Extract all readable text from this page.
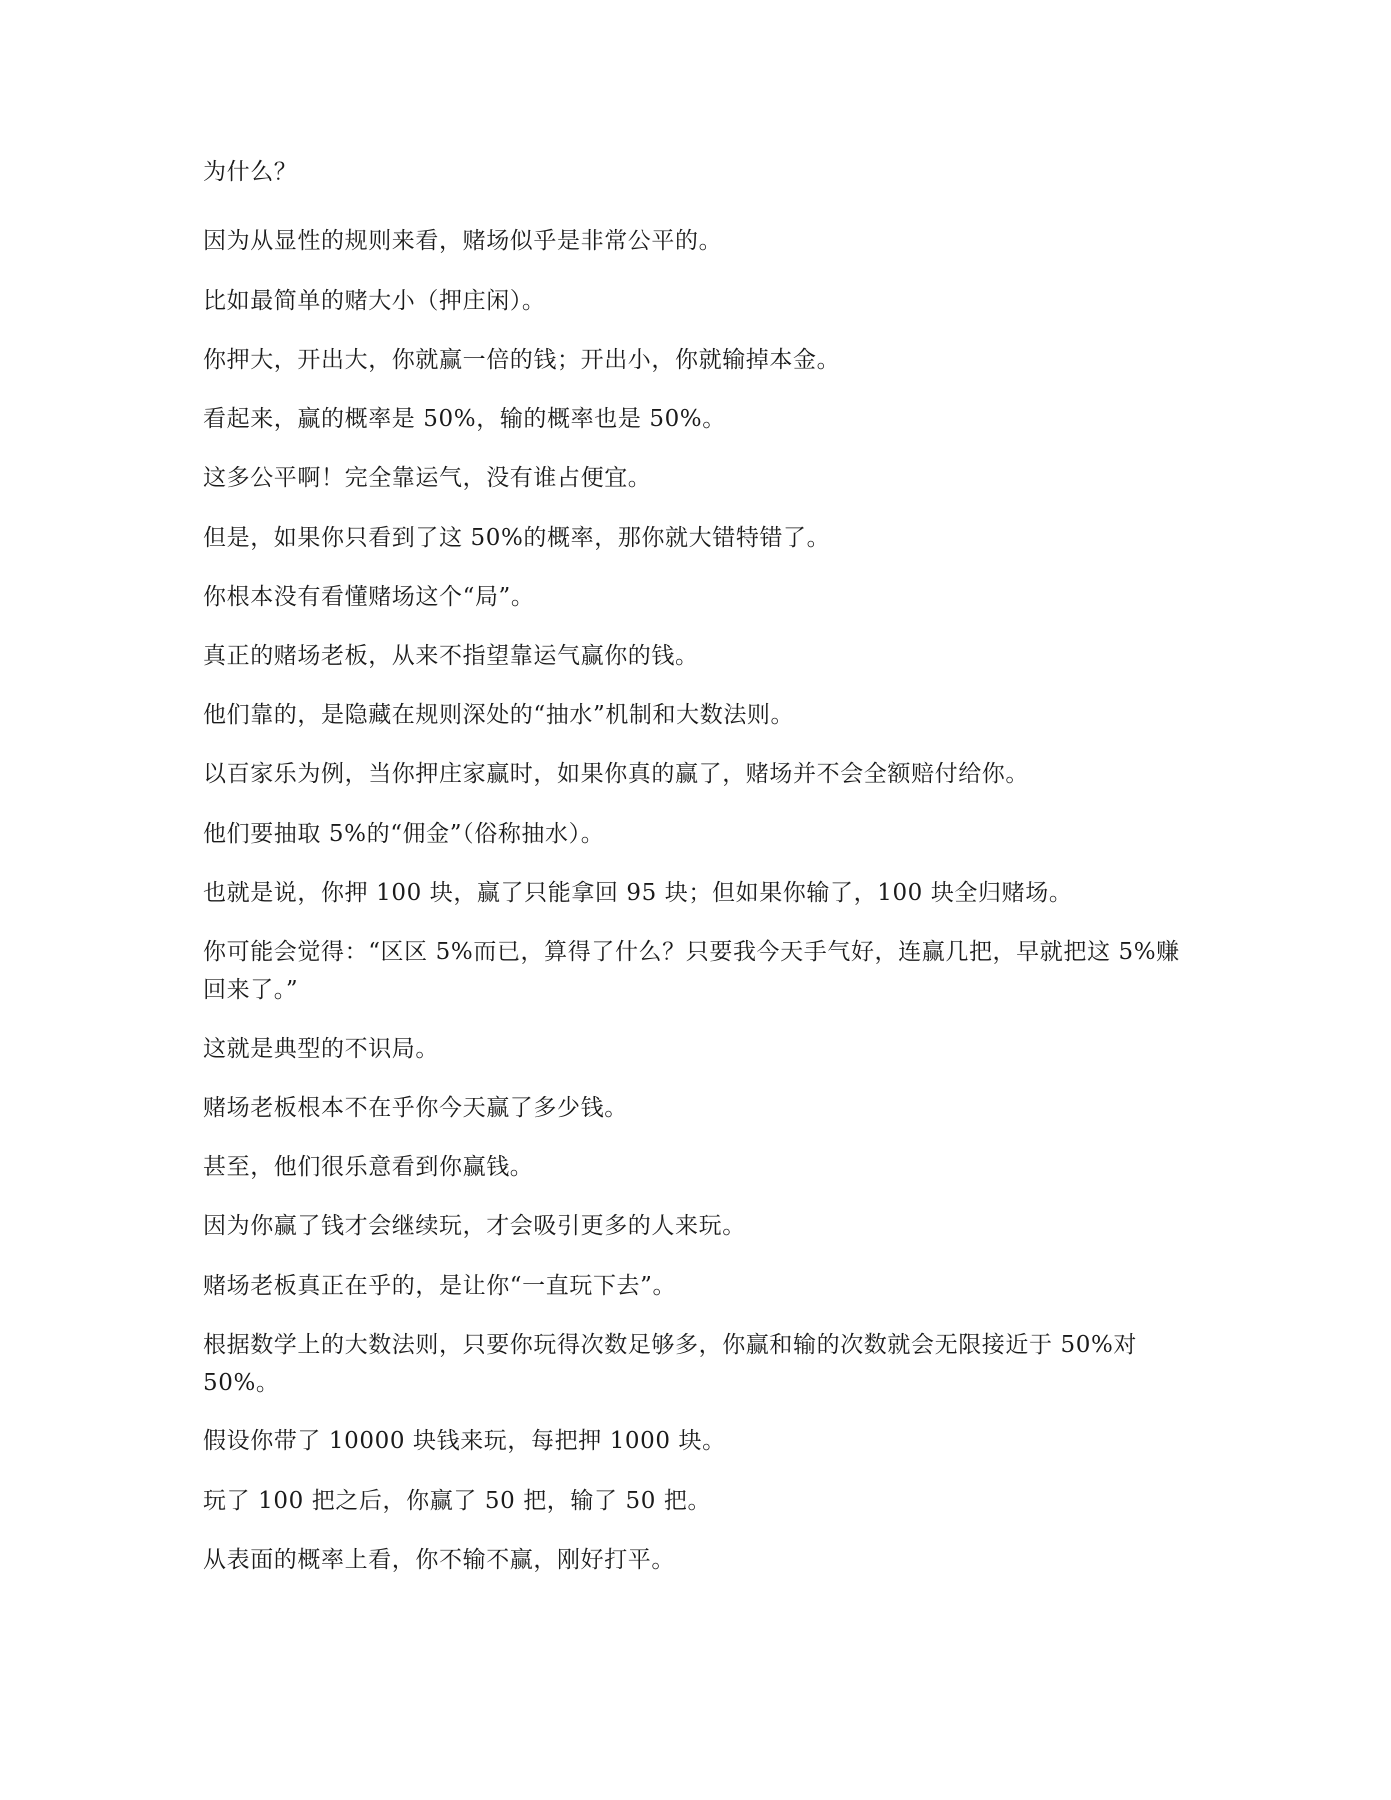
为什么？

因为从显性的规则来看，赌场似乎是非常公平的。

比如最简单的赌大小（押庄闲）。

你押大，开出大，你就赢一倍的钱；开出小，你就输掉本金。

看起来，赢的概率是 50%，输的概率也是 50%。

这多公平啊！完全靠运气，没有谁占便宜。

但是，如果你只看到了这 50%的概率，那你就大错特错了。

你根本没有看懂赌场这个“局”。

真正的赌场老板，从来不指望靠运气赢你的钱。

他们靠的，是隐藏在规则深处的“抽水”机制和大数法则。

以百家乐为例，当你押庄家赢时，如果你真的赢了，赌场并不会全额赔付给你。

他们要抽取 5%的“佣金”（俗称抽水）。

也就是说，你押 100 块，赢了只能拿回 95 块；但如果你输了，100 块全归赌场。

你可能会觉得：“区区 5%而已，算得了什么？只要我今天手气好，连赢几把，早就把这 5%赚回来了。”

这就是典型的不识局。

赌场老板根本不在乎你今天赢了多少钱。

甚至，他们很乐意看到你赢钱。

因为你赢了钱才会继续玩，才会吸引更多的人来玩。

赌场老板真正在乎的，是让你“一直玩下去”。

根据数学上的大数法则，只要你玩得次数足够多，你赢和输的次数就会无限接近于 50%对 50%。

假设你带了 10000 块钱来玩，每把押 1000 块。

玩了 100 把之后，你赢了 50 把，输了 50 把。

从表面的概率上看，你不输不赢，刚好打平。
